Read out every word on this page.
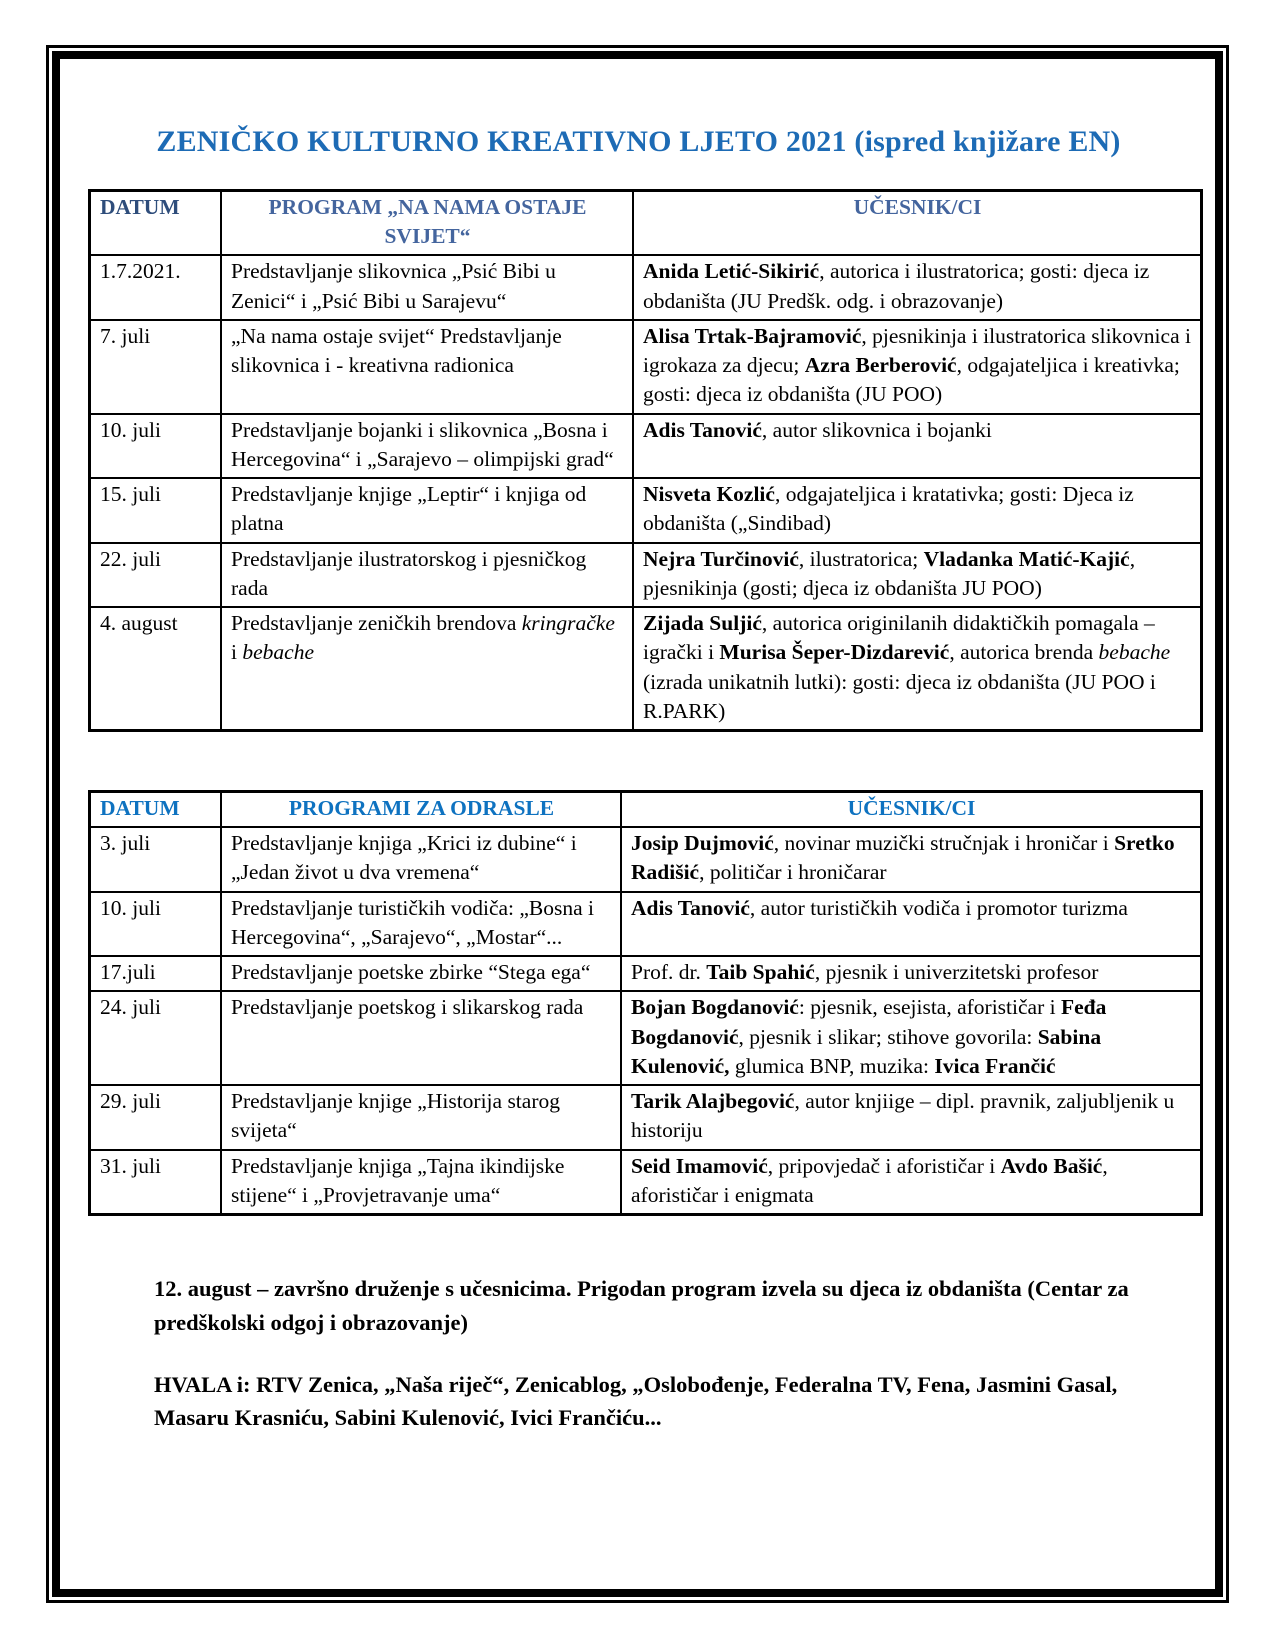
ZENIČKO KULTURNO KREATIVNO LJETO 2021 (ispred knjižare EN)
DATUM	PROGRAM „NA NAMA OSTAJE SVIJET“	UČESNIK/CI
1.7.2021.	Predstavljanje slikovnica „Psić Bibi u Zenici“ i „Psić Bibi u Sarajevu“	Anida Letić-Sikirić, autorica i ilustratorica; gosti: djeca iz obdaništa (JU Predšk. odg. i obrazovanje)
7. juli	„Na nama ostaje svijet“ Predstavljanje slikovnica i - kreativna radionica	Alisa Trtak-Bajramović, pjesnikinja i ilustratorica slikovnica i igrokaza za djecu; Azra Berberović, odgajateljica i kreativka; gosti: djeca iz obdaništa (JU POO)
10. juli	Predstavljanje bojanki i slikovnica „Bosna i Hercegovina“ i „Sarajevo – olimpijski grad“	Adis Tanović, autor slikovnica i bojanki
15. juli	Predstavljanje knjige „Leptir“ i knjiga od platna	Nisveta Kozlić, odgajateljica i kratativka; gosti: Djeca iz obdaništa („Sindibad)
22. juli	Predstavljanje ilustratorskog i pjesničkog rada	Nejra Turčinović, ilustratorica; Vladanka Matić-Kajić, pjesnikinja (gosti; djeca iz obdaništa JU POO)
4. august	Predstavljanje zeničkih brendova kringračke i bebache	Zijada Suljić, autorica originilanih didaktičkih pomagala – igrački i Murisa Šeper-Dizdarević, autorica brenda bebache (izrada unikatnih lutki): gosti: djeca iz obdaništa (JU POO i R.PARK)
DATUM	PROGRAMI ZA ODRASLE	UČESNIK/CI
3. juli	Predstavljanje knjiga „Krici iz dubine“ i „Jedan život u dva vremena“	Josip Dujmović, novinar muzički stručnjak i hroničar i Sretko Radišić, političar i hroničarar
10. juli	Predstavljanje turističkih vodiča: „Bosna i Hercegovina“, „Sarajevo“, „Mostar“...	Adis Tanović, autor turističkih vodiča i promotor turizma
17.juli	Predstavljanje poetske zbirke “Stega ega“	Prof. dr. Taib Spahić, pjesnik i univerzitetski profesor
24. juli	Predstavljanje poetskog i slikarskog rada	Bojan Bogdanović: pjesnik, esejista, aforističar i Feđa Bogdanović, pjesnik i slikar; stihove govorila: Sabina Kulenović, glumica BNP, muzika: Ivica Frančić
29. juli	Predstavljanje knjige „Historija starog svijeta“	Tarik Alajbegović, autor knjiige – dipl. pravnik, zaljubljenik u historiju
31. juli	Predstavljanje knjiga „Tajna ikindijske stijene“ i „Provjetravanje uma“	Seid Imamović, pripovjedač i aforističar i Avdo Bašić, aforističar i enigmata

12. august – završno druženje s učesnicima. Prigodan program izvela su djeca iz obdaništa (Centar za predškolski odgoj i obrazovanje)

HVALA i: RTV Zenica, „Naša riječ“, Zenicablog, „Oslobođenje, Federalna TV, Fena, Jasmini Gasal, Masaru Krasniću, Sabini Kulenović, Ivici Frančiću...
